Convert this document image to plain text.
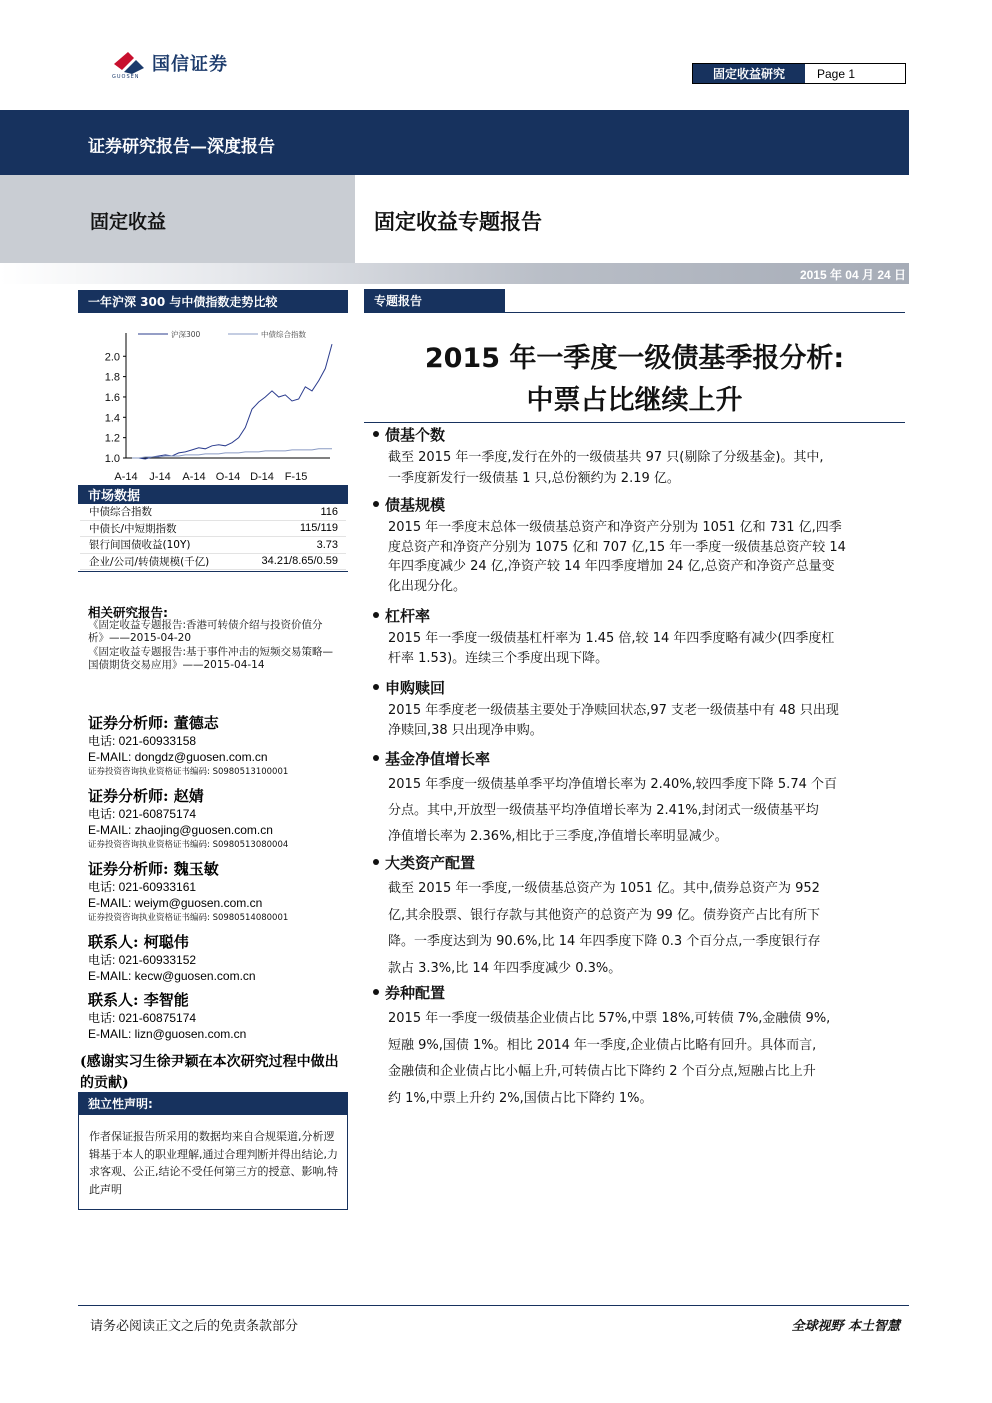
国信证券
GUOSEN	固定收益研究	Page 1
证券研究报告—深度报告
固定收益	固定收益专题报告
2015 年 04 月 24 日
一年沪深 300 与中债指数走势比较
1.0
1.2
1.4
1.6
1.8
2.0
A-14 J-14 A-14 O-14 D-14 F-15
沪深300	中债综合指数
市场数据
中债综合指数	116
中债长/中短期指数	115/119
银行间国债收益(10Y)	3.73
企业/公司/转债规模(千亿)	34.21/8.65/0.59
相关研究报告:
《固定收益专题报告:香港可转债介绍与投资价值分析》——2015-04-20
《固定收益专题报告:基于事件冲击的短频交易策略—国债期货交易应用》——2015-04-14
证券分析师: 董德志
电话: 021-60933158
E-MAIL: dongdz@guosen.com.cn
证券投资咨询执业资格证书编码: S0980513100001
证券分析师: 赵婧
电话: 021-60875174
E-MAIL: zhaojing@guosen.com.cn
证券投资咨询执业资格证书编码: S0980513080004
证券分析师: 魏玉敏
电话: 021-60933161
E-MAIL: weiym@guosen.com.cn
证券投资咨询执业资格证书编码: S0980514080001
联系人: 柯聪伟
电话: 021-60933152
E-MAIL: kecw@guosen.com.cn
联系人: 李智能
电话: 021-60875174
E-MAIL: lizn@guosen.com.cn
(感谢实习生徐尹颖在本次研究过程中做出的贡献)
独立性声明:
作者保证报告所采用的数据均来自合规渠道,分析逻辑基于本人的职业理解,通过合理判断并得出结论,力求客观、公正,结论不受任何第三方的授意、影响,特此声明
专题报告
2015 年一季度一级债基季报分析:
中票占比继续上升
债基个数
截至 2015 年一季度,发行在外的一级债基共 97 只(剔除了分级基金)。其中,
一季度新发行一级债基 1 只,总份额约为 2.19 亿。
债基规模
2015 年一季度末总体一级债基总资产和净资产分别为 1051 亿和 731 亿,四季
度总资产和净资产分别为 1075 亿和 707 亿,15 年一季度一级债基总资产较 14
年四季度减少 24 亿,净资产较 14 年四季度增加 24 亿,总资产和净资产总量变
化出现分化。
杠杆率
2015 年一季度一级债基杠杆率为 1.45 倍,较 14 年四季度略有减少(四季度杠
杆率 1.53)。连续三个季度出现下降。
申购赎回
2015 年季度老一级债基主要处于净赎回状态,97 支老一级债基中有 48 只出现
净赎回,38 只出现净申购。
基金净值增长率
2015 年季度一级债基单季平均净值增长率为 2.40%,较四季度下降 5.74 个百
分点。其中,开放型一级债基平均净值增长率为 2.41%,封闭式一级债基平均
净值增长率为 2.36%,相比于三季度,净值增长率明显减少。
大类资产配置
截至 2015 年一季度,一级债基总资产为 1051 亿。其中,债券总资产为 952
亿,其余股票、银行存款与其他资产的总资产为 99 亿。债券资产占比有所下
降。一季度达到为 90.6%,比 14 年四季度下降 0.3 个百分点,一季度银行存
款占 3.3%,比 14 年四季度减少 0.3%。
券种配置
2015 年一季度一级债基企业债占比 57%,中票 18%,可转债 7%,金融债 9%,
短融 9%,国债 1%。相比 2014 年一季度,企业债占比略有回升。具体而言,
金融债和企业债占比小幅上升,可转债占比下降约 2 个百分点,短融占比上升
约 1%,中票上升约 2%,国债占比下降约 1%。
请务必阅读正文之后的免责条款部分	全球视野 本土智慧
